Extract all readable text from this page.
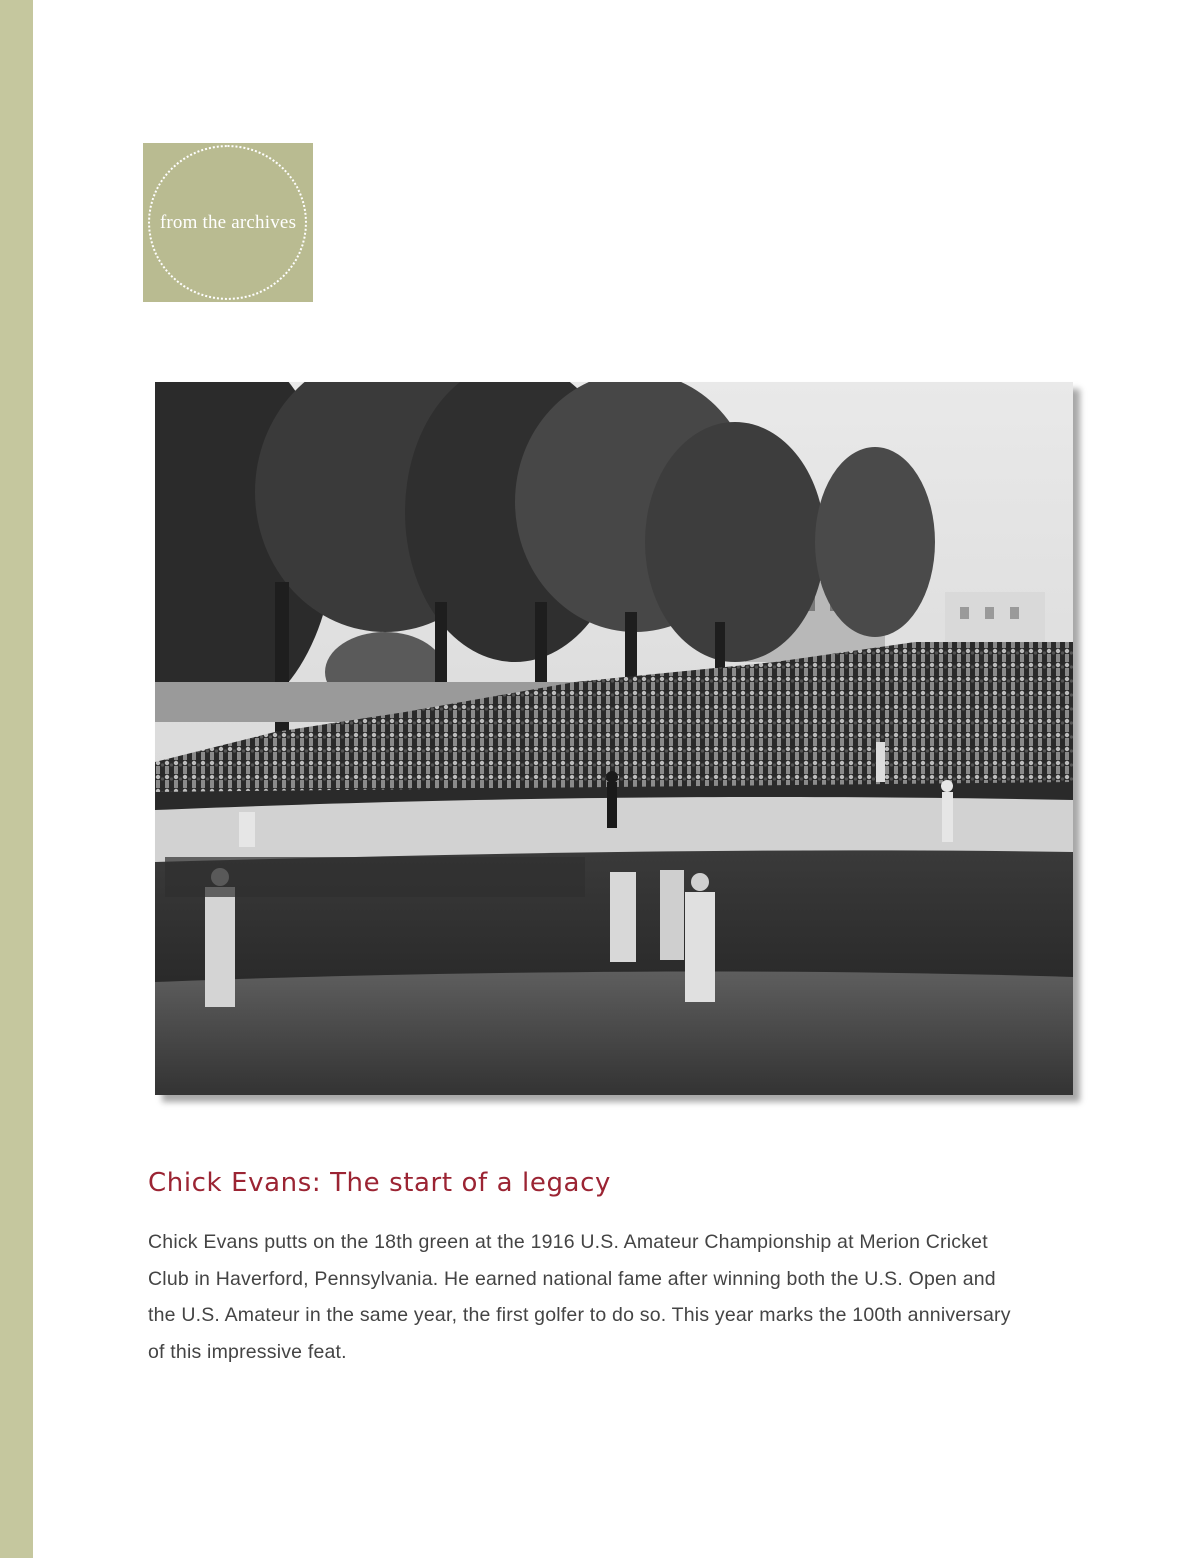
from the archives
Chick Evans: The start of a legacy

Chick Evans putts on the 18th green at the 1916 U.S. Amateur Championship at Merion Cricket Club in Haverford, Pennsylvania. He earned national fame after winning both the U.S. Open and the U.S. Amateur in the same year, the first golfer to do so. This year marks the 100th anniversary of this impressive feat.
